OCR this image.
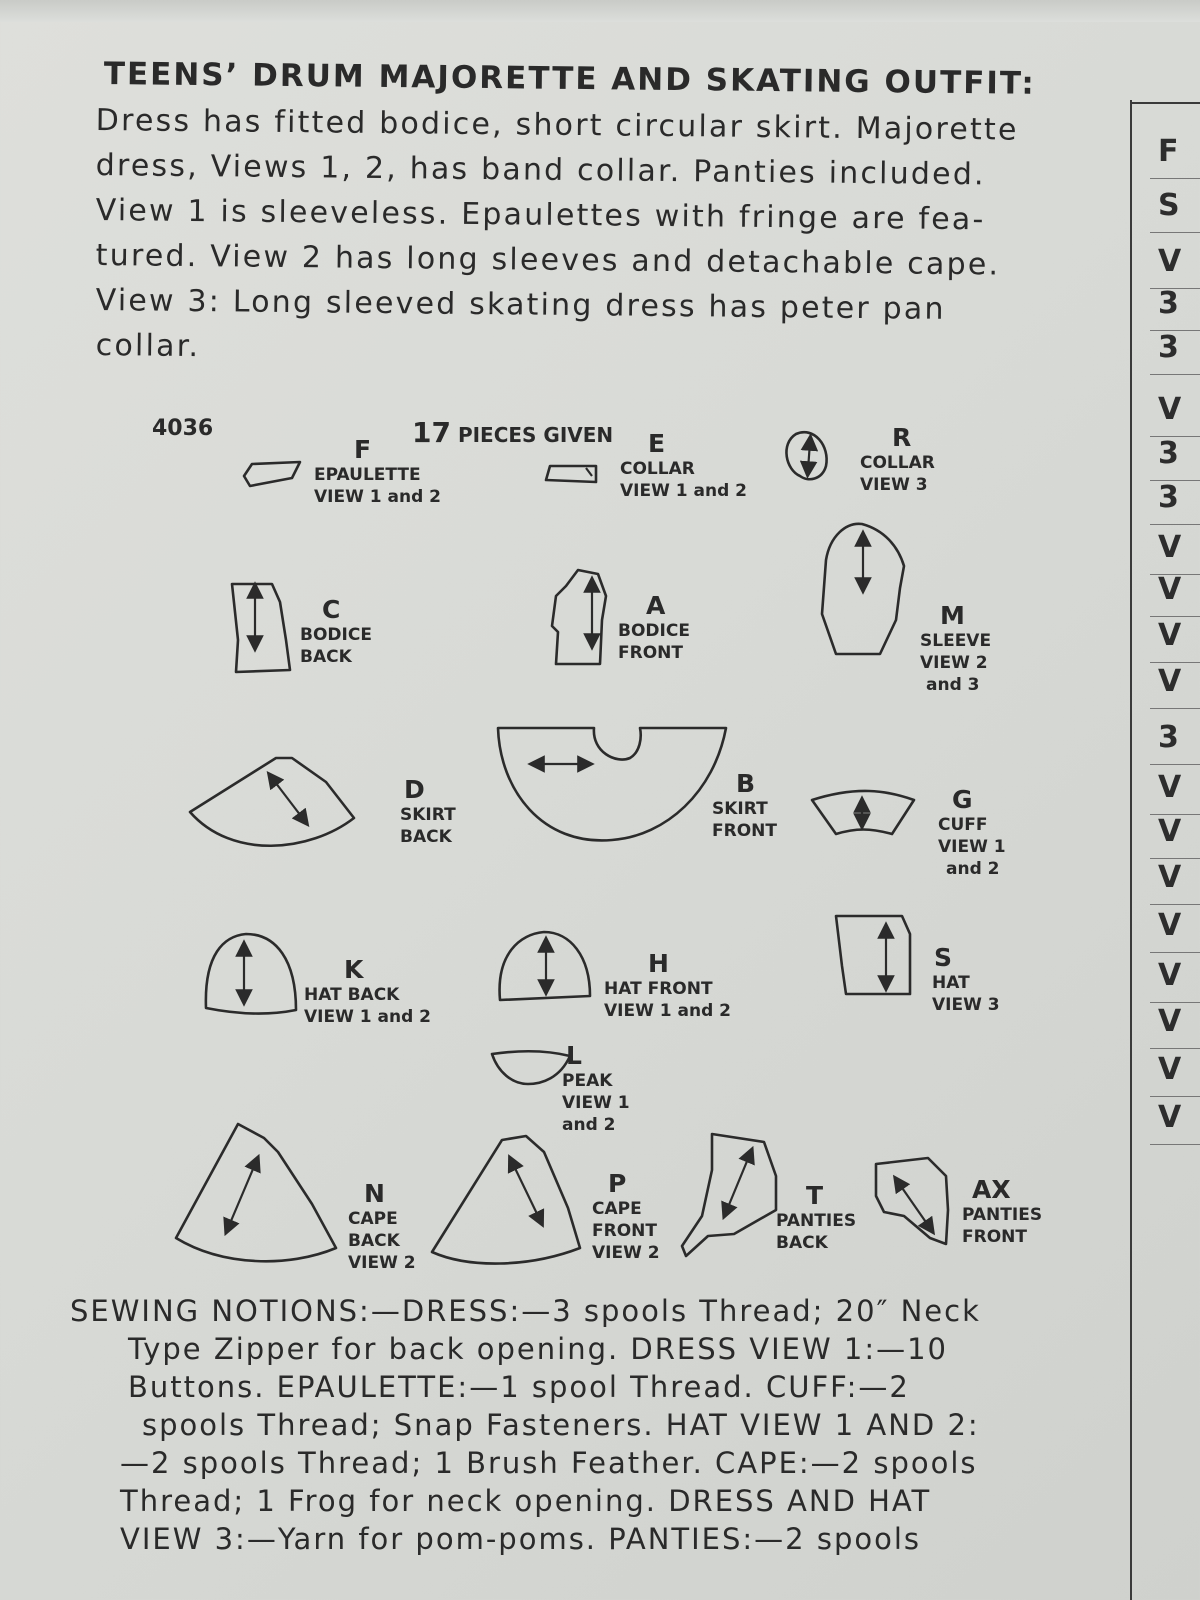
TEENS’ DRUM MAJORETTE AND SKATING OUTFIT:
Dress has fitted bodice, short circular skirt. Majorette
dress, Views 1, 2, has band collar. Panties included.
View 1 is sleeveless. Epaulettes with fringe are fea-
tured. View 2 has long sleeves and detachable cape.
View 3: Long sleeved skating dress has peter pan
collar.
4036	17 PIECES GIVEN
F
EPAULETTE
VIEW 1 and 2
E
COLLAR
VIEW 1 and 2
R
COLLAR
VIEW 3
C
BODICE
BACK
A
BODICE
FRONT
M
SLEEVE
VIEW 2
and 3
D
SKIRT
BACK
B
SKIRT
FRONT
G
CUFF
VIEW 1
and 2
K
HAT BACK
VIEW 1 and 2
H
HAT FRONT
VIEW 1 and 2
S
HAT
VIEW 3
L
PEAK
VIEW 1
and 2
N
CAPE
BACK
VIEW 2
P
CAPE
FRONT
VIEW 2
T
PANTIES
BACK
AX
PANTIES
FRONT
SEWING NOTIONS:—DRESS:—3 spools Thread; 20″ Neck
Type Zipper for back opening. DRESS VIEW 1:—10
Buttons. EPAULETTE:—1 spool Thread. CUFF:—2
spools Thread; Snap Fasteners. HAT VIEW 1 AND 2:
—2 spools Thread; 1 Brush Feather. CAPE:—2 spools
Thread; 1 Frog for neck opening. DRESS AND HAT
VIEW 3:—Yarn for pom-poms. PANTIES:—2 spools
F
S
V
3
3
V
3
3
V
V
V
V
3
V
V
V
V
V
V
V
V
